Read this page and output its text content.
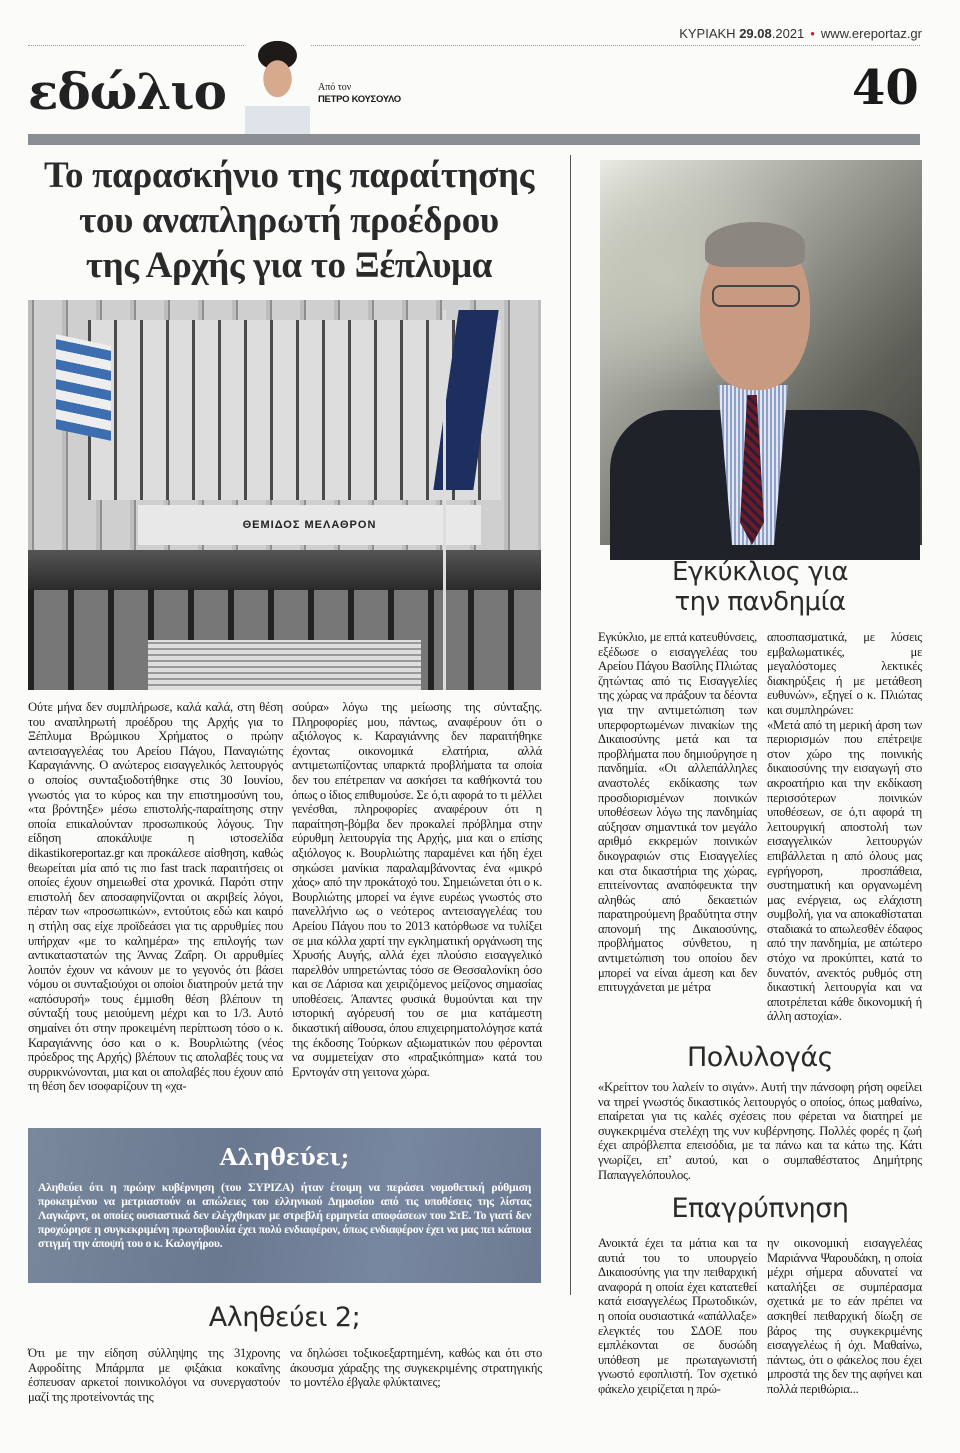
ΚΥΡΙΑΚΗ 29.08.2021 • www.ereportaz.gr
εδώλιο	Από τον
ΠΕΤΡΟ ΚΟΥΣΟΥΛΟ	40
Το παρασκήνιο της παραίτησης
του αναπληρωτή προέδρου
της Αρχής για το Ξέπλυμα
ΘΕΜΙΔΟΣ ΜΕΛΑΘΡΟΝ
Ούτε μήνα δεν συμπλήρωσε, καλά καλά, στη θέση του αναπληρωτή προέδρου της Αρχής για το Ξέπλυμα Βρώμικου Χρήματος ο πρώην αντεισαγγελέας του Αρείου Πάγου, Παναγιώτης Καραγιάννης. Ο ανώτερος εισαγγελικός λειτουργός ο οποίος συνταξιοδοτήθηκε στις 30 Ιουνίου, γνωστός για το κύρος και την επιστημοσύνη του, «τα βρόντηξε» μέσω επιστολής-παραίτησης στην οποία επικαλούνταν προσωπικούς λόγους. Την είδηση αποκάλυψε η ιστοσελίδα dikastikoreportaz.gr και προκάλεσε αίσθηση, καθώς θεωρείται μία από τις πιο fast track παραιτήσεις οι οποίες έχουν σημειωθεί στα χρονικά. Παρότι στην επιστολή δεν αποσαφηνίζονται οι ακριβείς λόγοι, πέραν των «προσωπικών», εντούτοις εδώ και καιρό η στήλη σας είχε προϊδεάσει για τις αρρυθμίες που υπήρχαν «με το καλημέρα» της επιλογής των αντικαταστατών της Άννας Ζαΐρη. Οι αρρυθμίες λοιπόν έχουν να κάνουν με το γεγονός ότι βάσει νόμου οι συνταξιούχοι οι οποίοι διατηρούν μετά την «απόσυρσή» τους έμμισθη θέση βλέπουν τη σύνταξή τους μειούμενη μέχρι και το 1/3. Αυτό σημαίνει ότι στην προκειμένη περίπτωση τόσο ο κ. Καραγιάννης όσο και ο κ. Βουρλιώτης (νέος πρόεδρος της Αρχής) βλέπουν τις απολαβές τους να συρρικνώνονται, μια και οι απολαβές που έχουν από τη θέση δεν ισοφαρίζουν τη «χα-
σούρα» λόγω της μείωσης της σύνταξης. Πληροφορίες μου, πάντως, αναφέρουν ότι ο αξιόλογος κ. Καραγιάννης δεν παραιτήθηκε έχοντας οικονομικά ελατήρια, αλλά αντιμετωπίζοντας υπαρκτά προβλήματα τα οποία δεν του επέτρεπαν να ασκήσει τα καθήκοντά του όπως ο ίδιος επιθυμούσε. Σε ό,τι αφορά το τι μέλλει γενέσθαι, πληροφορίες αναφέρουν ότι η παραίτηση-βόμβα δεν προκαλεί πρόβλημα στην εύρυθμη λειτουργία της Αρχής, μια και ο επίσης αξιόλογος κ. Βουρλιώτης παραμένει και ήδη έχει σηκώσει μανίκια παραλαμβάνοντας ένα «μικρό χάος» από την προκάτοχό του. Σημειώνεται ότι ο κ. Βουρλιώτης μπορεί να έγινε ευρέως γνωστός στο πανελλήνιο ως ο νεότερος αντεισαγγελέας του Αρείου Πάγου που το 2013 κατόρθωσε να τυλίξει σε μια κόλλα χαρτί την εγκληματική οργάνωση της Χρυσής Αυγής, αλλά έχει πλούσιο εισαγγελικό παρελθόν υπηρετώντας τόσο σε Θεσσαλονίκη όσο και σε Λάρισα και χειριζόμενος μείζονος σημασίας υποθέσεις. Άπαντες φυσικά θυμούνται και την ιστορική αγόρευσή του σε μια κατάμεστη δικαστική αίθουσα, όπου επιχειρηματολόγησε κατά της έκδοσης Τούρκων αξιωματικών που φέρονται να συμμετείχαν στο «πραξικόπημα» κατά του Ερντογάν στη γειτονα χώρα.
Αληθεύει;

Αληθεύει ότι η πρώην κυβέρνηση (του ΣΥΡΙΖΑ) ήταν έτοιμη να περάσει νομοθετική ρύθμιση προκειμένου να μετριαστούν οι απώλειες του ελληνικού Δημοσίου από τις υποθέσεις της λίστας Λαγκάρντ, οι οποίες ουσιαστικά δεν ελέγχθηκαν με στρεβλή ερμηνεία αποφάσεων του ΣτΕ. Το γιατί δεν προχώρησε η συγκεκριμένη πρωτοβουλία έχει πολύ ενδιαφέρον, όπως ενδιαφέρον έχει να μας πει κάποια στιγμή την άποψή του ο κ. Καλογήρου.

Αληθεύει 2;
Ότι με την είδηση σύλληψης της 31χρονης Αφροδίτης Μπάρμπα με φιξάκια κοκαΐνης έσπευσαν αρκετοί ποινικολόγοι να συνεργαστούν μαζί της προτείνοντάς της
να δηλώσει τοξικοεξαρτημένη, καθώς και ότι στο άκουσμα χάραξης της συγκεκριμένης στρατηγικής το μοντέλο έβγαλε φλύκταινες;
Εγκύκλιος για
την πανδημία
Εγκύκλιο, με επτά κατευθύνσεις, εξέδωσε ο εισαγγελέας του Αρείου Πάγου Βασίλης Πλιώτας ζητώντας από τις Εισαγγελίες της χώρας να πράξουν τα δέοντα για την αντιμετώπιση των υπερφορτωμένων πινακίων της Δικαιοσύνης μετά και τα προβλήματα που δημιούργησε η πανδημία. «Οι αλλεπάλληλες αναστολές εκδίκασης των προσδιορισμένων ποινικών υποθέσεων λόγω της πανδημίας αύξησαν σημαντικά τον μεγάλο αριθμό εκκρεμών ποινικών δικογραφιών στις Εισαγγελίες και στα δικαστήρια της χώρας, επιτείνοντας αναπόφευκτα την αληθώς από δεκαετιών παρατηρούμενη βραδύτητα στην απονομή της Δικαιοσύνης, προβλήματος σύνθετου, η αντιμετώπιση του οποίου δεν μπορεί να είναι άμεση και δεν επιτυγχάνεται με μέτρα
αποσπασματικά, με λύσεις εμβαλωματικές, με μεγαλόστομες λεκτικές διακηρύξεις ή με μετάθεση ευθυνών», εξηγεί ο κ. Πλιώτας και συμπληρώνει:
«Μετά από τη μερική άρση των περιορισμών που επέτρεψε στον χώρο της ποινικής δικαιοσύνης την εισαγωγή στο ακροατήριο και την εκδίκαση περισσότερων ποινικών υποθέσεων, σε ό,τι αφορά τη λειτουργική αποστολή των εισαγγελικών λειτουργών επιβάλλεται η από όλους μας εγρήγορση, προσπάθεια, συστηματική και οργανωμένη μας ενέργεια, ως ελάχιστη συμβολή, για να αποκαθίσταται σταδιακά το απωλεσθέν έδαφος από την πανδημία, με απώτερο στόχο να προκύπτει, κατά το δυνατόν, ανεκτός ρυθμός στη δικαστική λειτουργία και να αποτρέπεται κάθε δικονομική ή άλλη αστοχία».
Πολυλογάς
«Κρείττον του λαλείν το σιγάν». Αυτή την πάνσοφη ρήση οφείλει να τηρεί γνωστός δικαστικός λειτουργός ο οποίος, όπως μαθαίνω, επαίρεται για τις καλές σχέσεις που φέρεται να διατηρεί με συγκεκριμένα στελέχη της νυν κυβέρνησης. Πολλές φορές η ζωή έχει απρόβλεπτα επεισόδια, με τα πάνω και τα κάτω της. Κάτι γνωρίζει, επ’ αυτού, και ο συμπαθέστατος Δημήτρης Παπαγγελόπουλος.
Επαγρύπνηση
Ανοικτά έχει τα μάτια και τα αυτιά του το υπουργείο Δικαιοσύνης για την πειθαρχική αναφορά η οποία έχει κατατεθεί κατά εισαγγελέως Πρωτοδικών, η οποία ουσιαστικά «απάλλαξε» ελεγκτές του ΣΔΟΕ που εμπλέκονται σε δυσώδη υπόθεση με πρωταγωνιστή γνωστό εφοπλιστή. Τον σχετικό φάκελο χειρίζεται η πρώ-
ην οικονομική εισαγγελέας Μαριάννα Ψαρουδάκη, η οποία μέχρι σήμερα αδυνατεί να καταλήξει σε συμπέρασμα σχετικά με το εάν πρέπει να ασκηθεί πειθαρχική δίωξη σε βάρος της συγκεκριμένης εισαγγελέως ή όχι. Μαθαίνω, πάντως, ότι ο φάκελος που έχει μπροστά της δεν της αφήνει και πολλά περιθώρια...
